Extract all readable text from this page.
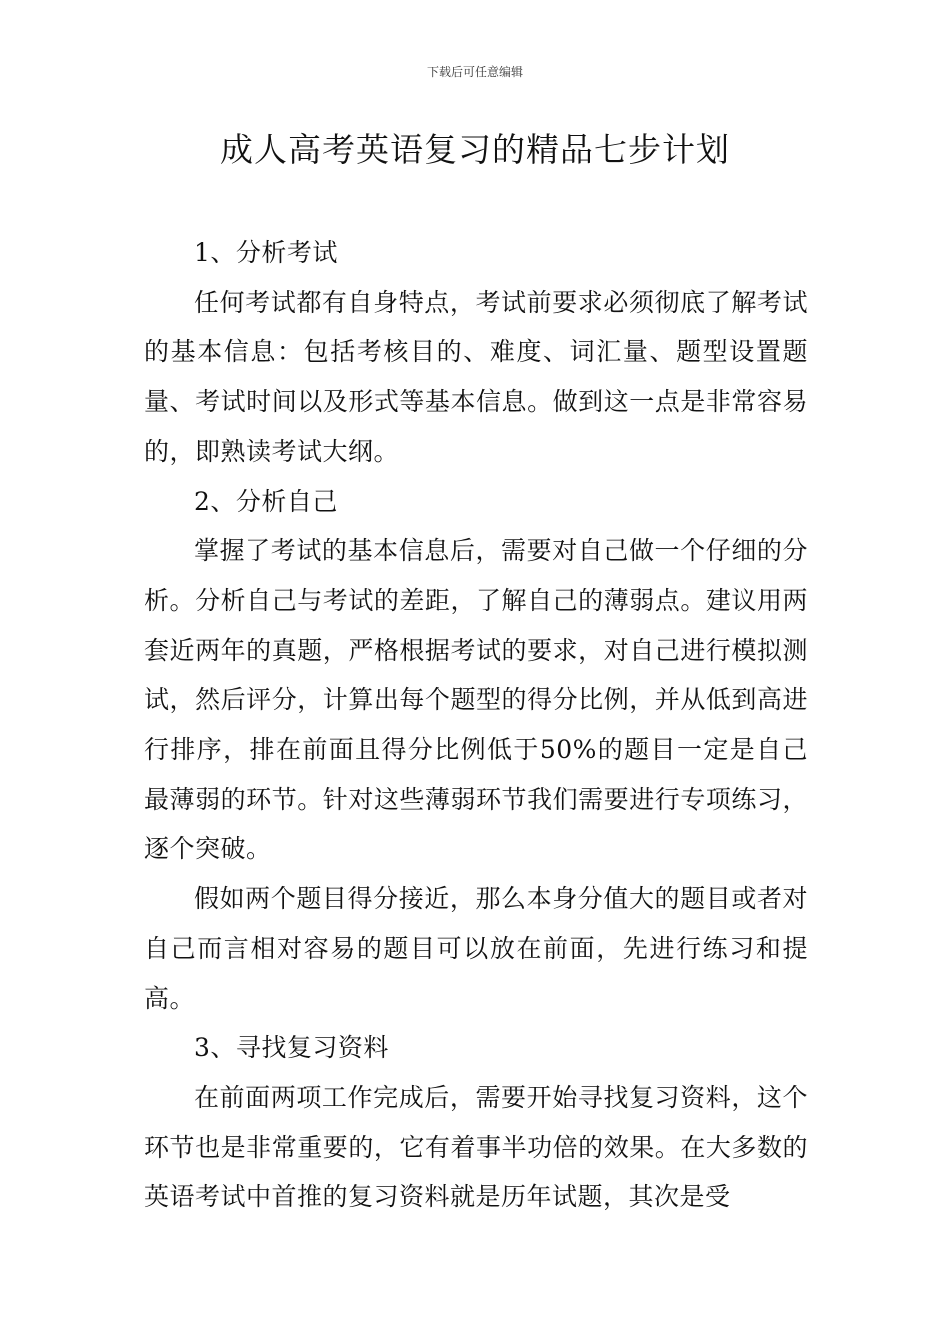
下载后可任意编辑
成人高考英语复习的精品七步计划

1、分析考试

任何考试都有自身特点，考试前要求必须彻底了解考试的基本信息：包括考核目的、难度、词汇量、题型设置题量、考试时间以及形式等基本信息。做到这一点是非常容易的，即熟读考试大纲。

2、分析自己

掌握了考试的基本信息后，需要对自己做一个仔细的分析。分析自己与考试的差距，了解自己的薄弱点。建议用两套近两年的真题，严格根据考试的要求，对自己进行模拟测试，然后评分，计算出每个题型的得分比例，并从低到高进行排序，排在前面且得分比例低于50%的题目一定是自己最薄弱的环节。针对这些薄弱环节我们需要进行专项练习，逐个突破。

假如两个题目得分接近，那么本身分值大的题目或者对自己而言相对容易的题目可以放在前面，先进行练习和提高。

3、寻找复习资料

在前面两项工作完成后，需要开始寻找复习资料，这个环节也是非常重要的，它有着事半功倍的效果。在大多数的英语考试中首推的复习资料就是历年试题，其次是受
